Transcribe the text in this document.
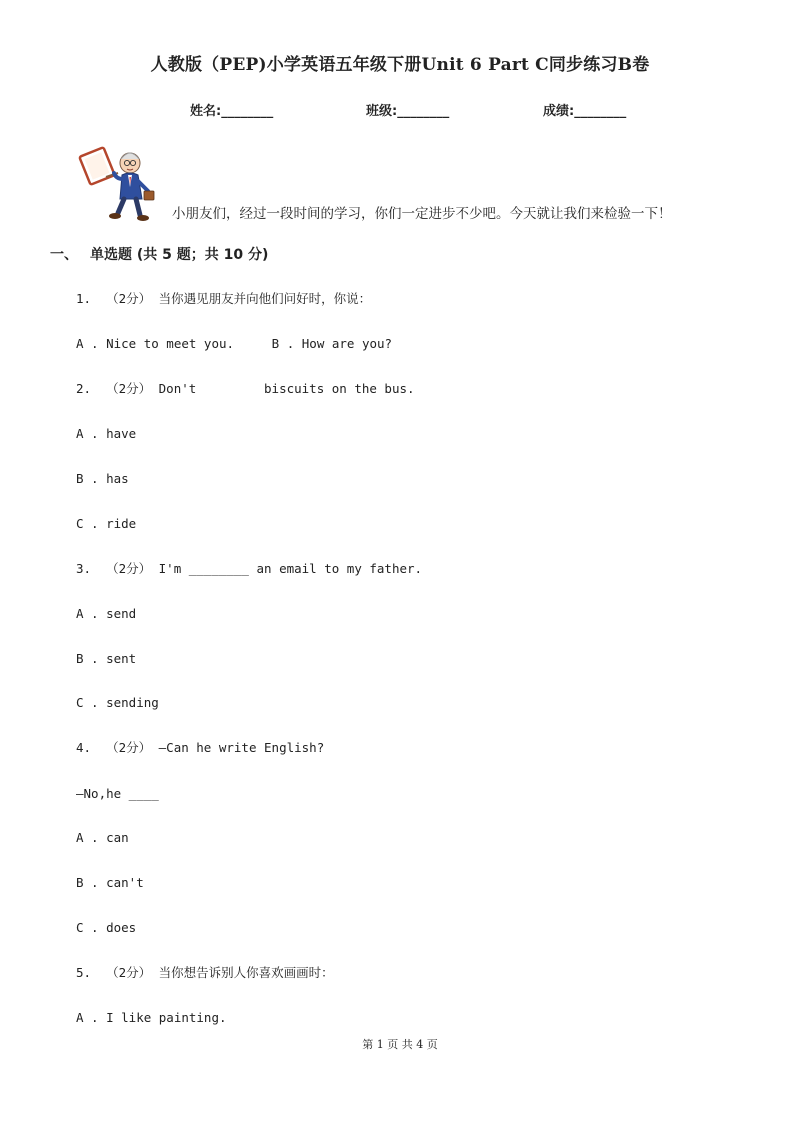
人教版（PEP)小学英语五年级下册Unit 6 Part C同步练习B卷
姓名:________	班级:________	成绩:________
小朋友们，经过一段时间的学习，你们一定进步不少吧。今天就让我们来检验一下！
一、 单选题 (共 5 题；共 10 分)
1.  （2分） 当你遇见朋友并向他们问好时，你说：
A . Nice to meet you.     B . How are you?
2.  （2分） Don't         biscuits on the bus.
A . have
B . has
C . ride
3.  （2分） I'm ________ an email to my father.
A . send
B . sent
C . sending
4.  （2分） —Can he write English?
—No,he ____
A . can
B . can't
C . does
5.  （2分） 当你想告诉别人你喜欢画画时：
A . I like painting.
第 1 页 共 4 页
